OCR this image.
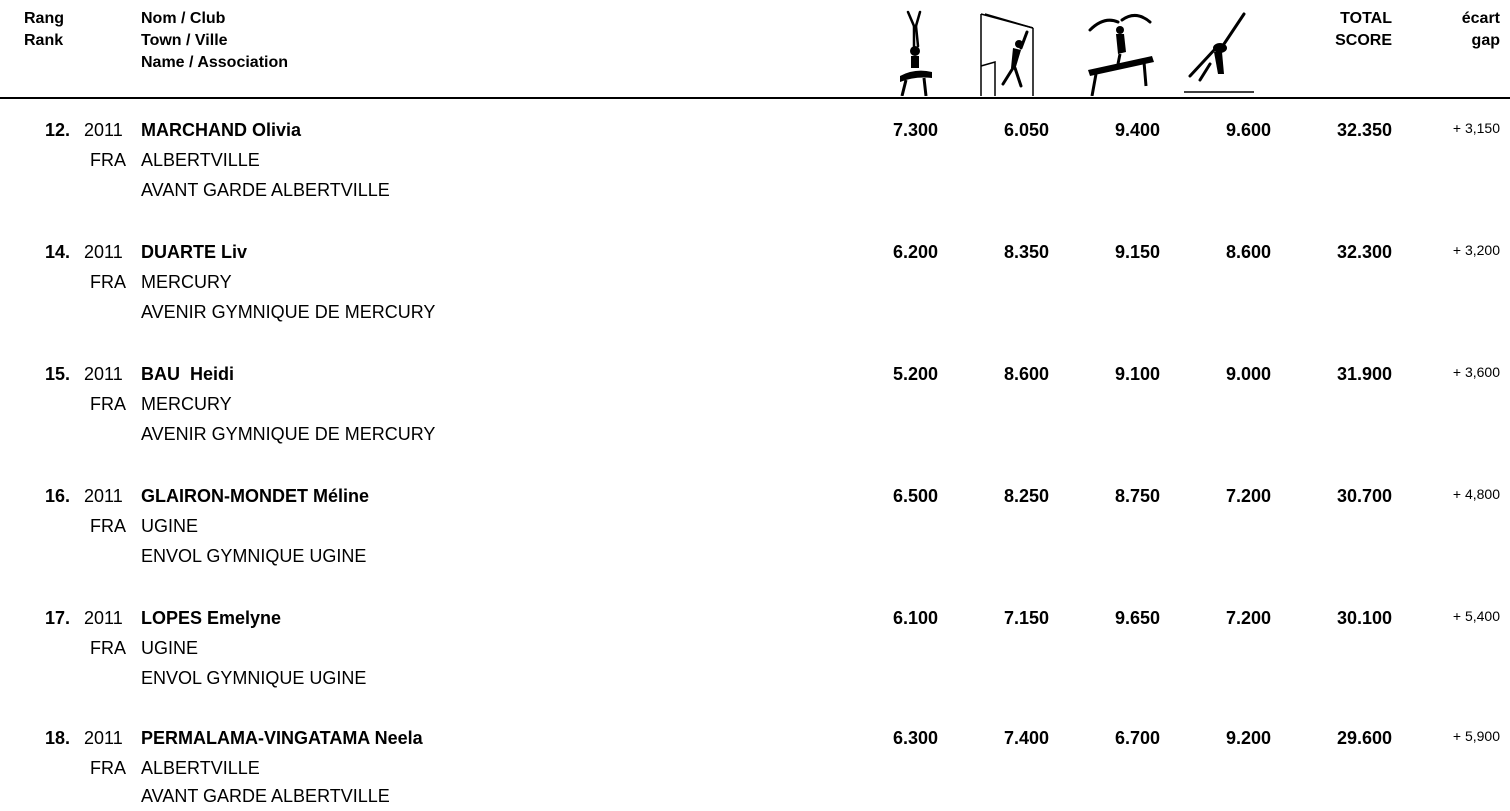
Rang
Rank
Nom / Club
Town / Ville
Name / Association
TOTAL
SCORE
écart
gap
12. 2011 MARCHAND Olivia	7.300	6.050	9.400	9.600	32.350	+ 3,150
FRA ALBERTVILLE
AVANT GARDE ALBERTVILLE
14. 2011 DUARTE Liv	6.200	8.350	9.150	8.600	32.300	+ 3,200
FRA MERCURY
AVENIR GYMNIQUE DE MERCURY
15. 2011 BAU  Heidi	5.200	8.600	9.100	9.000	31.900	+ 3,600
FRA MERCURY
AVENIR GYMNIQUE DE MERCURY
16. 2011 GLAIRON-MONDET Méline	6.500	8.250	8.750	7.200	30.700	+ 4,800
FRA UGINE
ENVOL GYMNIQUE UGINE
17. 2011 LOPES Emelyne	6.100	7.150	9.650	7.200	30.100	+ 5,400
FRA UGINE
ENVOL GYMNIQUE UGINE
18. 2011 PERMALAMA-VINGATAMA Neela	6.300	7.400	6.700	9.200	29.600	+ 5,900
FRA ALBERTVILLE
AVANT GARDE ALBERTVILLE
